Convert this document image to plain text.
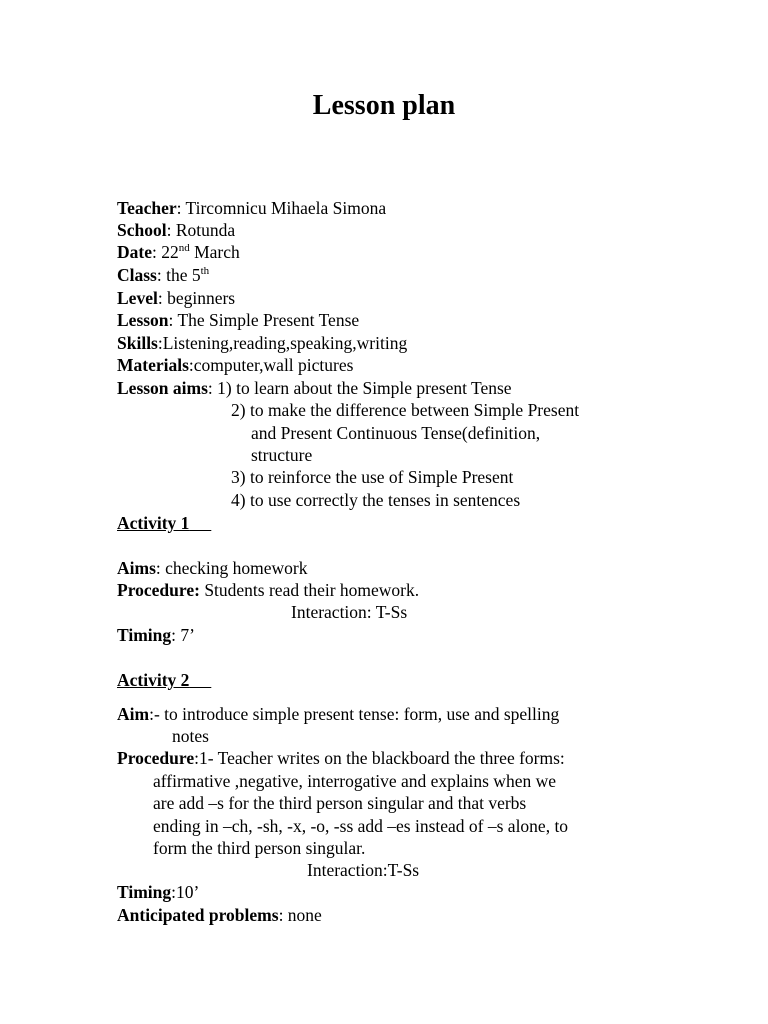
Lesson plan
Teacher: Tircomnicu Mihaela Simona
School: Rotunda
Date: 22nd March
Class: the 5th
Level: beginners
Lesson: The Simple Present Tense
Skills:Listening,reading,speaking,writing
Materials:computer,wall pictures
Lesson aims: 1) to learn about the Simple present Tense
2) to make the difference between Simple Present
and Present Continuous Tense(definition,
structure
3) to reinforce the use of Simple Present
4) to use correctly the tenses in sentences
Activity 1
Aims: checking homework
Procedure: Students read their homework.
Interaction: T-Ss
Timing: 7’
Activity 2
Aim:- to introduce simple present tense: form, use and spelling
notes
Procedure:1- Teacher writes on the blackboard the three forms:
affirmative ,negative, interrogative and explains when we
are add –s for the third person singular and that verbs
ending in –ch, -sh, -x, -o, -ss add –es instead of –s alone, to
form the third person singular.
Interaction:T-Ss
Timing:10’
Anticipated problems: none
